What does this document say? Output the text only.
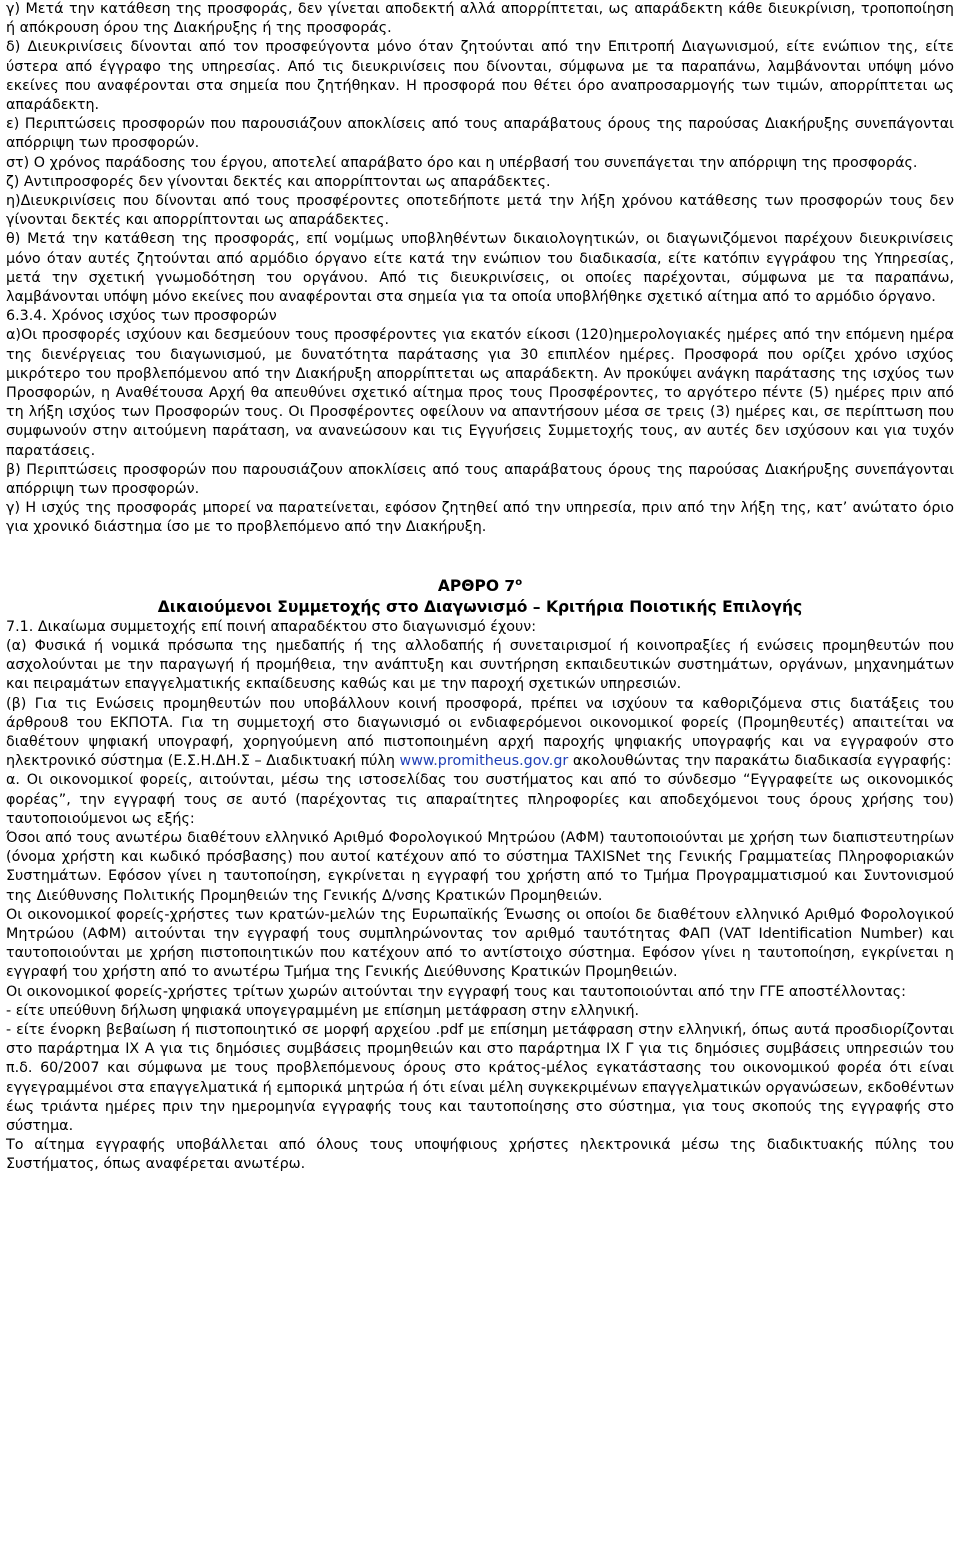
γ) Μετά την κατάθεση της προσφοράς, δεν γίνεται αποδεκτή αλλά απορρίπτεται, ως απαράδεκτη κάθε διευκρίνιση, τροποποίηση ή απόκρουση όρου της Διακήρυξης ή της προσφοράς.

δ) Διευκρινίσεις δίνονται από τον προσφεύγοντα μόνο όταν ζητούνται από την Επιτροπή Διαγωνισμού, είτε ενώπιον της, είτε ύστερα από έγγραφο της υπηρεσίας. Από τις διευκρινίσεις που δίνονται, σύμφωνα με τα παραπάνω, λαμβάνονται υπόψη μόνο εκείνες που αναφέρονται στα σημεία που ζητήθηκαν. Η προσφορά που θέτει όρο αναπροσαρμογής των τιμών, απορρίπτεται ως απαράδεκτη.

ε) Περιπτώσεις προσφορών που παρουσιάζουν αποκλίσεις από τους απαράβατους όρους της παρούσας Διακήρυξης συνεπάγονται απόρριψη των προσφορών.

στ) Ο χρόνος παράδοσης του έργου, αποτελεί απαράβατο όρο και η υπέρβασή του συνεπάγεται την απόρριψη της προσφοράς.

ζ) Αντιπροσφορές δεν γίνονται δεκτές και απορρίπτονται ως απαράδεκτες.

η)Διευκρινίσεις που δίνονται από τους προσφέροντες οποτεδήποτε μετά την λήξη χρόνου κατάθεσης των προσφορών τους δεν γίνονται δεκτές και απορρίπτονται ως απαράδεκτες.

θ) Μετά την κατάθεση της προσφοράς, επί νομίμως υποβληθέντων δικαιολογητικών, οι διαγωνιζόμενοι παρέχουν διευκρινίσεις μόνο όταν αυτές ζητούνται από αρμόδιο όργανο είτε κατά την ενώπιον του διαδικασία, είτε κατόπιν εγγράφου της Υπηρεσίας, μετά την σχετική γνωμοδότηση του οργάνου. Από τις διευκρινίσεις, οι οποίες παρέχονται, σύμφωνα με τα παραπάνω, λαμβάνονται υπόψη μόνο εκείνες που αναφέρονται στα σημεία για τα οποία υποβλήθηκε σχετικό αίτημα από το αρμόδιο όργανο.

6.3.4. Χρόνος ισχύος των προσφορών

α)Οι προσφορές ισχύουν και δεσμεύουν τους προσφέροντες για εκατόν είκοσι (120)ημερολογιακές ημέρες από την επόμενη ημέρα της διενέργειας του διαγωνισμού, με δυνατότητα παράτασης για 30 επιπλέον ημέρες. Προσφορά που ορίζει χρόνο ισχύος μικρότερο του προβλεπόμενου από την Διακήρυξη απορρίπτεται ως απαράδεκτη. Αν προκύψει ανάγκη παράτασης της ισχύος των Προσφορών, η Αναθέτουσα Αρχή θα απευθύνει σχετικό αίτημα προς τους Προσφέροντες, το αργότερο πέντε (5) ημέρες πριν από τη λήξη ισχύος των Προσφορών τους. Οι Προσφέροντες οφείλουν να απαντήσουν μέσα σε τρεις (3) ημέρες και, σε περίπτωση που συμφωνούν στην αιτούμενη παράταση, να ανανεώσουν και τις Εγγυήσεις Συμμετοχής τους, αν αυτές δεν ισχύσουν και για τυχόν παρατάσεις.

β) Περιπτώσεις προσφορών που παρουσιάζουν αποκλίσεις από τους απαράβατους όρους της παρούσας Διακήρυξης συνεπάγονται απόρριψη των προσφορών.

γ) Η ισχύς της προσφοράς μπορεί να παρατείνεται, εφόσον ζητηθεί από την υπηρεσία, πριν από την λήξη της, κατ’ ανώτατο όριο για χρονικό διάστημα ίσο με το προβλεπόμενο από την Διακήρυξη.

ΑΡΘΡΟ $7^o$

Δικαιούμενοι Συμμετοχής στο Διαγωνισμό – Κριτήρια Ποιοτικής Επιλογής

7.1. Δικαίωμα συμμετοχής επί ποινή απαραδέκτου στο διαγωνισμό έχουν:

(α) Φυσικά ή νομικά πρόσωπα της ημεδαπής ή της αλλοδαπής ή συνεταιρισμοί ή κοινοπραξίες ή ενώσεις προμηθευτών που ασχολούνται με την παραγωγή ή προμήθεια, την ανάπτυξη και συντήρηση εκπαιδευτικών συστημάτων, οργάνων, μηχανημάτων και πειραμάτων επαγγελματικής εκπαίδευσης καθώς και με την παροχή σχετικών υπηρεσιών.

(β) Για τις Ενώσεις προμηθευτών που υποβάλλουν κοινή προσφορά, πρέπει να ισχύουν τα καθοριζόμενα στις διατάξεις του άρθρου8 του ΕΚΠΟΤΑ. Για τη συμμετοχή στο διαγωνισμό οι ενδιαφερόμενοι οικονομικοί φορείς (Προμηθευτές) απαιτείται να διαθέτουν ψηφιακή υπογραφή, χορηγούμενη από πιστοποιημένη αρχή παροχής ψηφιακής υπογραφής και να εγγραφούν στο ηλεκτρονικό σύστημα (Ε.Σ.Η.ΔΗ.Σ – Διαδικτυακή πύλη www.promitheus.gov.gr ακολουθώντας την παρακάτω διαδικασία εγγραφής:

α. Οι οικονομικοί φορείς, αιτούνται, μέσω της ιστοσελίδας του συστήματος και από το σύνδεσμο “Εγγραφείτε ως οικονομικός φορέας”, την εγγραφή τους σε αυτό (παρέχοντας τις απαραίτητες πληροφορίες και αποδεχόμενοι τους όρους χρήσης του) ταυτοποιούμενοι ως εξής:

Όσοι από τους ανωτέρω διαθέτουν ελληνικό Αριθμό Φορολογικού Μητρώου (ΑΦΜ) ταυτοποιούνται με χρήση των διαπιστευτηρίων (όνομα χρήστη και κωδικό πρόσβασης) που αυτοί κατέχουν από το σύστημα TAXISNet της Γενικής Γραμματείας Πληροφοριακών Συστημάτων. Εφόσον γίνει η ταυτοποίηση, εγκρίνεται η εγγραφή του χρήστη από το Τμήμα Προγραμματισμού και Συντονισμού της Διεύθυνσης Πολιτικής Προμηθειών της Γενικής Δ/νσης Κρατικών Προμηθειών.

Οι οικονομικοί φορείς-χρήστες των κρατών-μελών της Ευρωπαϊκής Ένωσης οι οποίοι δε διαθέτουν ελληνικό Αριθμό Φορολογικού Μητρώου (ΑΦΜ) αιτούνται την εγγραφή τους συμπληρώνοντας τον αριθμό ταυτότητας ΦΑΠ (VAT Identification Number) και ταυτοποιούνται με χρήση πιστοποιητικών που κατέχουν από το αντίστοιχο σύστημα. Εφόσον γίνει η ταυτοποίηση, εγκρίνεται η εγγραφή του χρήστη από το ανωτέρω Τμήμα της Γενικής Διεύθυνσης Κρατικών Προμηθειών.

Οι οικονομικοί φορείς-χρήστες τρίτων χωρών αιτούνται την εγγραφή τους και ταυτοποιούνται από την ΓΓΕ αποστέλλοντας:

- είτε υπεύθυνη δήλωση ψηφιακά υπογεγραμμένη με επίσημη μετάφραση στην ελληνική.

- είτε ένορκη βεβαίωση ή πιστοποιητικό σε μορφή αρχείου .pdf με επίσημη μετάφραση στην ελληνική, όπως αυτά προσδιορίζονται στο παράρτημα ΙΧ Α για τις δημόσιες συμβάσεις προμηθειών και στο παράρτημα ΙΧ Γ για τις δημόσιες συμβάσεις υπηρεσιών του π.δ. 60/2007 και σύμφωνα με τους προβλεπόμενους όρους στο κράτος-μέλος εγκατάστασης του οικονομικού φορέα ότι είναι εγγεγραμμένοι στα επαγγελματικά ή εμπορικά μητρώα ή ότι είναι μέλη συγκεκριμένων επαγγελματικών οργανώσεων, εκδοθέντων έως τριάντα ημέρες πριν την ημερομηνία εγγραφής τους και ταυτοποίησης στο σύστημα, για τους σκοπούς της εγγραφής στο σύστημα.

Το αίτημα εγγραφής υποβάλλεται από όλους τους υποψήφιους χρήστες ηλεκτρονικά μέσω της διαδικτυακής πύλης του Συστήματος, όπως αναφέρεται ανωτέρω.
